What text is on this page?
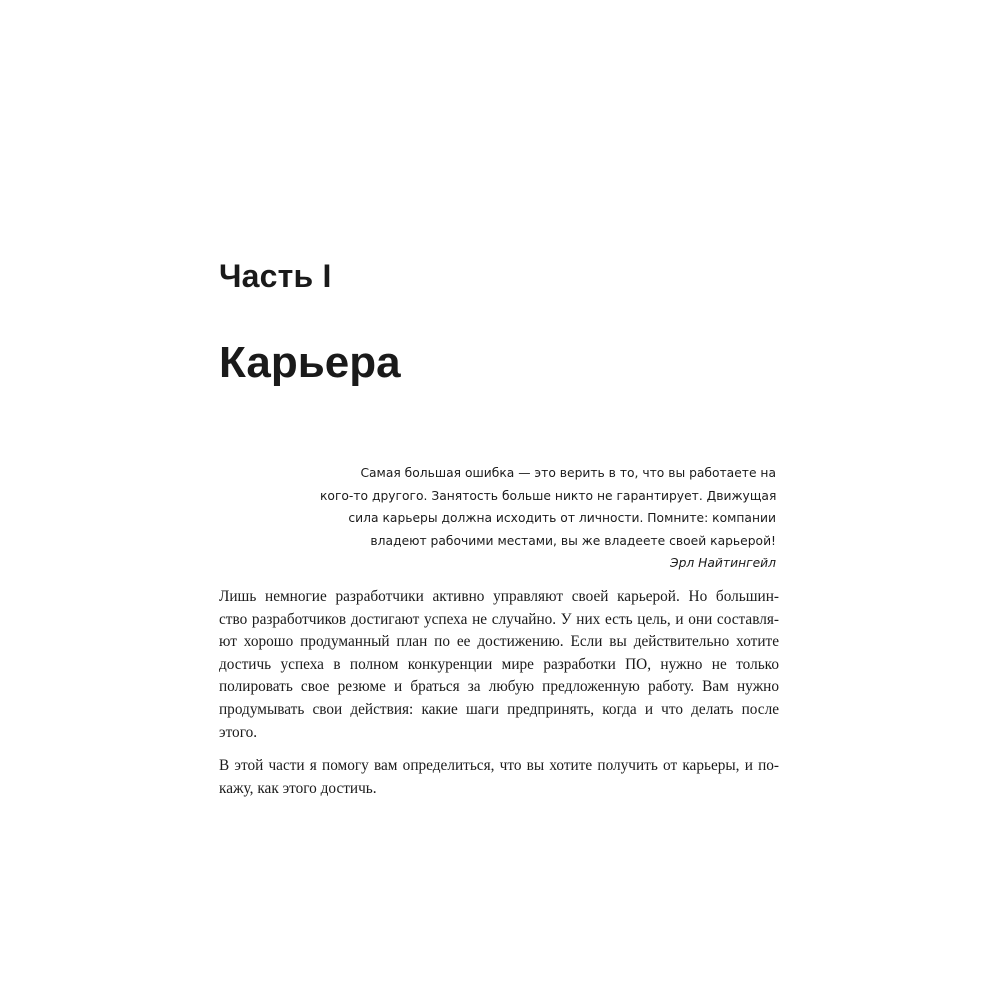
Часть I
Карьера
Самая большая ошибка — это верить в то, что вы работаете на
кого-то другого. Занятость больше никто не гарантирует. Движущая
сила карьеры должна исходить от личности. Помните: компании
владеют рабочими местами, вы же владеете своей карьерой!
Эрл Найтингейл

Лишь немногие разработчики активно управляют своей карьерой. Но большин-
ство разработчиков достигают успеха не случайно. У них есть цель, и они составля-
ют хорошо продуманный план по ее достижению. Если вы действительно хотите
достичь успеха в полном конкуренции мире разработки ПО, нужно не только
полировать свое резюме и браться за любую предложенную работу. Вам нужно
продумывать свои действия: какие шаги предпринять, когда и что делать после
этого.

В этой части я помогу вам определиться, что вы хотите получить от карьеры, и по-
кажу, как этого достичь.
